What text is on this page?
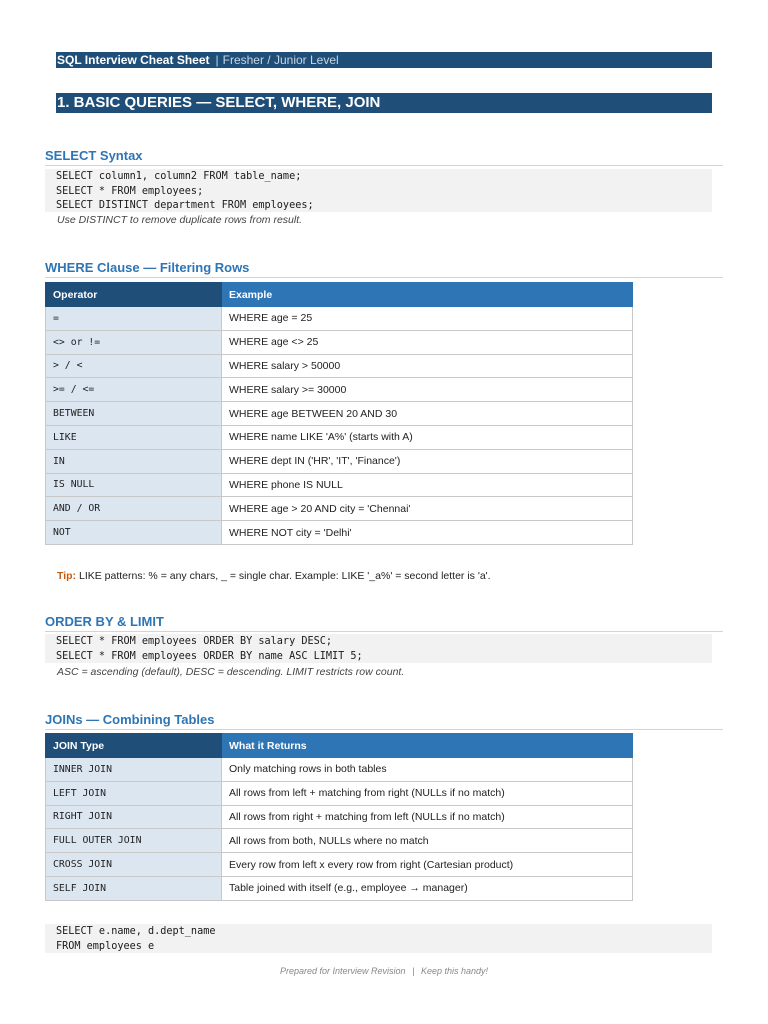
SQL Interview Cheat Sheet | Fresher / Junior Level
1. BASIC QUERIES — SELECT, WHERE, JOIN
SELECT Syntax
SELECT column1, column2 FROM table_name;
SELECT * FROM employees;
SELECT DISTINCT department FROM employees;
Use DISTINCT to remove duplicate rows from result.
WHERE Clause — Filtering Rows
Operator	Example
=	WHERE age = 25
<> or !=	WHERE age <> 25
> / <	WHERE salary > 50000
>= / <=	WHERE salary >= 30000
BETWEEN	WHERE age BETWEEN 20 AND 30
LIKE	WHERE name LIKE 'A%' (starts with A)
IN	WHERE dept IN ('HR', 'IT', 'Finance')
IS NULL	WHERE phone IS NULL
AND / OR	WHERE age > 20 AND city = 'Chennai'
NOT	WHERE NOT city = 'Delhi'
Tip: LIKE patterns: % = any chars, _ = single char. Example: LIKE '_a%' = second letter is 'a'.
ORDER BY & LIMIT
SELECT * FROM employees ORDER BY salary DESC;
SELECT * FROM employees ORDER BY name ASC LIMIT 5;
ASC = ascending (default), DESC = descending. LIMIT restricts row count.
JOINs — Combining Tables
JOIN Type	What it Returns
INNER JOIN	Only matching rows in both tables
LEFT JOIN	All rows from left + matching from right (NULLs if no match)
RIGHT JOIN	All rows from right + matching from left (NULLs if no match)
FULL OUTER JOIN	All rows from both, NULLs where no match
CROSS JOIN	Every row from left x every row from right (Cartesian product)
SELF JOIN	Table joined with itself (e.g., employee → manager)
SELECT e.name, d.dept_name
FROM employees e
Prepared for Interview Revision | Keep this handy!
